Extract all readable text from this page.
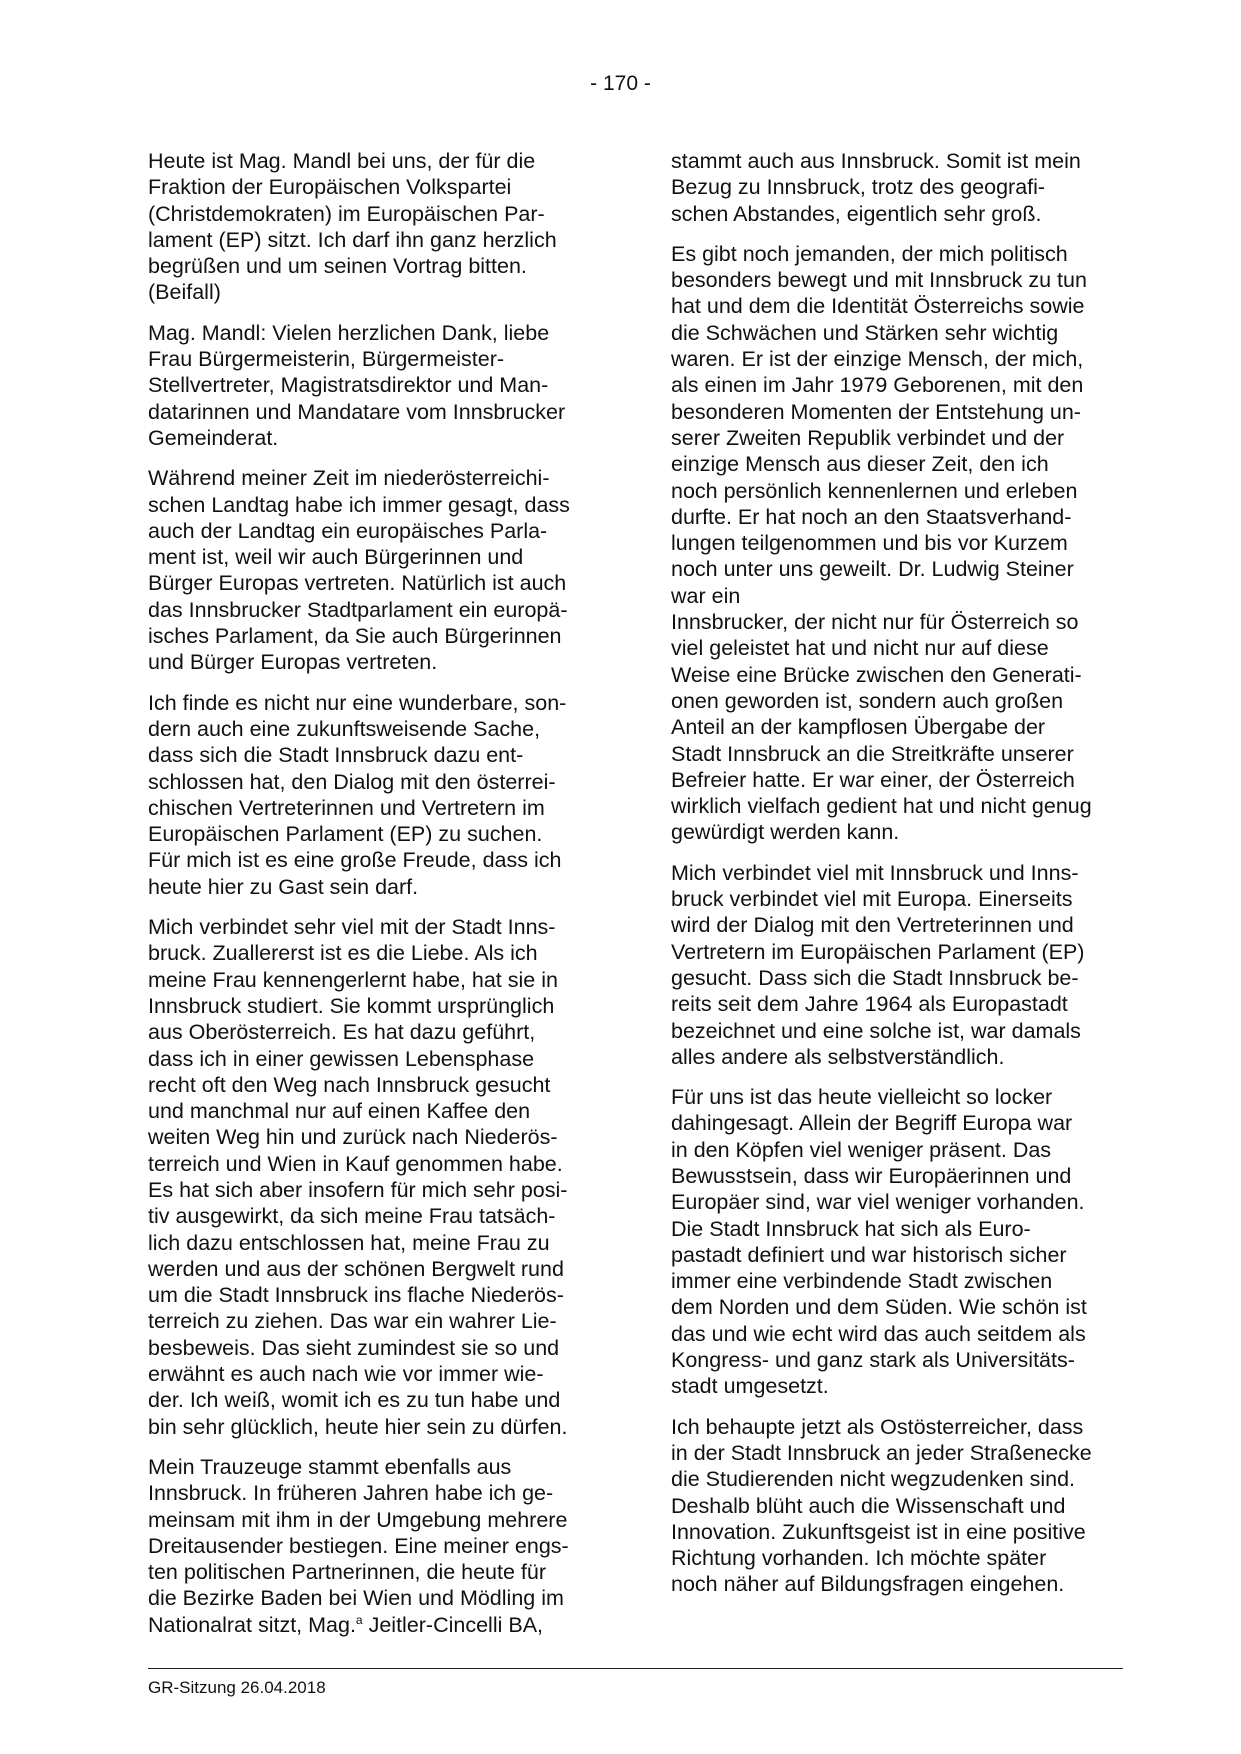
- 170 -

Heute ist Mag. Mandl bei uns, der für die
Fraktion der Europäischen Volkspartei
(Christdemokraten) im Europäischen Par-
lament (EP) sitzt. Ich darf ihn ganz herzlich
begrüßen und um seinen Vortrag bitten.
(Beifall)

Mag. Mandl: Vielen herzlichen Dank, liebe
Frau Bürgermeisterin, Bürgermeister-
Stellvertreter, Magistratsdirektor und Man-
datarinnen und Mandatare vom Innsbrucker
Gemeinderat.

Während meiner Zeit im niederösterreichi-
schen Landtag habe ich immer gesagt, dass
auch der Landtag ein europäisches Parla-
ment ist, weil wir auch Bürgerinnen und
Bürger Europas vertreten. Natürlich ist auch
das Innsbrucker Stadtparlament ein europä-
isches Parlament, da Sie auch Bürgerinnen
und Bürger Europas vertreten.

Ich finde es nicht nur eine wunderbare, son-
dern auch eine zukunftsweisende Sache,
dass sich die Stadt Innsbruck dazu ent-
schlossen hat, den Dialog mit den österrei-
chischen Vertreterinnen und Vertretern im
Europäischen Parlament (EP) zu suchen.
Für mich ist es eine große Freude, dass ich
heute hier zu Gast sein darf.

Mich verbindet sehr viel mit der Stadt Inns-
bruck. Zuallererst ist es die Liebe. Als ich
meine Frau kennengerlernt habe, hat sie in
Innsbruck studiert. Sie kommt ursprünglich
aus Oberösterreich. Es hat dazu geführt,
dass ich in einer gewissen Lebensphase
recht oft den Weg nach Innsbruck gesucht
und manchmal nur auf einen Kaffee den
weiten Weg hin und zurück nach Niederös-
terreich und Wien in Kauf genommen habe.
Es hat sich aber insofern für mich sehr posi-
tiv ausgewirkt, da sich meine Frau tatsäch-
lich dazu entschlossen hat, meine Frau zu
werden und aus der schönen Bergwelt rund
um die Stadt Innsbruck ins flache Niederös-
terreich zu ziehen. Das war ein wahrer Lie-
besbeweis. Das sieht zumindest sie so und
erwähnt es auch nach wie vor immer wie-
der. Ich weiß, womit ich es zu tun habe und
bin sehr glücklich, heute hier sein zu dürfen.

Mein Trauzeuge stammt ebenfalls aus
Innsbruck. In früheren Jahren habe ich ge-
meinsam mit ihm in der Umgebung mehrere
Dreitausender bestiegen. Eine meiner engs-
ten politischen Partnerinnen, die heute für
die Bezirke Baden bei Wien und Mödling im
Nationalrat sitzt, Mag.$^a$ Jeitler-Cincelli BA,

stammt auch aus Innsbruck. Somit ist mein
Bezug zu Innsbruck, trotz des geografi-
schen Abstandes, eigentlich sehr groß.

Es gibt noch jemanden, der mich politisch
besonders bewegt und mit Innsbruck zu tun
hat und dem die Identität Österreichs sowie
die Schwächen und Stärken sehr wichtig
waren. Er ist der einzige Mensch, der mich,
als einen im Jahr 1979 Geborenen, mit den
besonderen Momenten der Entstehung un-
serer Zweiten Republik verbindet und der
einzige Mensch aus dieser Zeit, den ich
noch persönlich kennenlernen und erleben
durfte. Er hat noch an den Staatsverhand-
lungen teilgenommen und bis vor Kurzem
noch unter uns geweilt. Dr. Ludwig Steiner
war ein
Innsbrucker, der nicht nur für Österreich so
viel geleistet hat und nicht nur auf diese
Weise eine Brücke zwischen den Generati-
onen geworden ist, sondern auch großen
Anteil an der kampflosen Übergabe der
Stadt Innsbruck an die Streitkräfte unserer
Befreier hatte. Er war einer, der Österreich
wirklich vielfach gedient hat und nicht genug
gewürdigt werden kann.

Mich verbindet viel mit Innsbruck und Inns-
bruck verbindet viel mit Europa. Einerseits
wird der Dialog mit den Vertreterinnen und
Vertretern im Europäischen Parlament (EP)
gesucht. Dass sich die Stadt Innsbruck be-
reits seit dem Jahre 1964 als Europastadt
bezeichnet und eine solche ist, war damals
alles andere als selbstverständlich.

Für uns ist das heute vielleicht so locker
dahingesagt. Allein der Begriff Europa war
in den Köpfen viel weniger präsent. Das
Bewusstsein, dass wir Europäerinnen und
Europäer sind, war viel weniger vorhanden.
Die Stadt Innsbruck hat sich als Euro-
pastadt definiert und war historisch sicher
immer eine verbindende Stadt zwischen
dem Norden und dem Süden. Wie schön ist
das und wie echt wird das auch seitdem als
Kongress- und ganz stark als Universitäts-
stadt umgesetzt.

Ich behaupte jetzt als Ostösterreicher, dass
in der Stadt Innsbruck an jeder Straßenecke
die Studierenden nicht wegzudenken sind.
Deshalb blüht auch die Wissenschaft und
Innovation. Zukunftsgeist ist in eine positive
Richtung vorhanden. Ich möchte später
noch näher auf Bildungsfragen eingehen.

GR-Sitzung 26.04.2018
